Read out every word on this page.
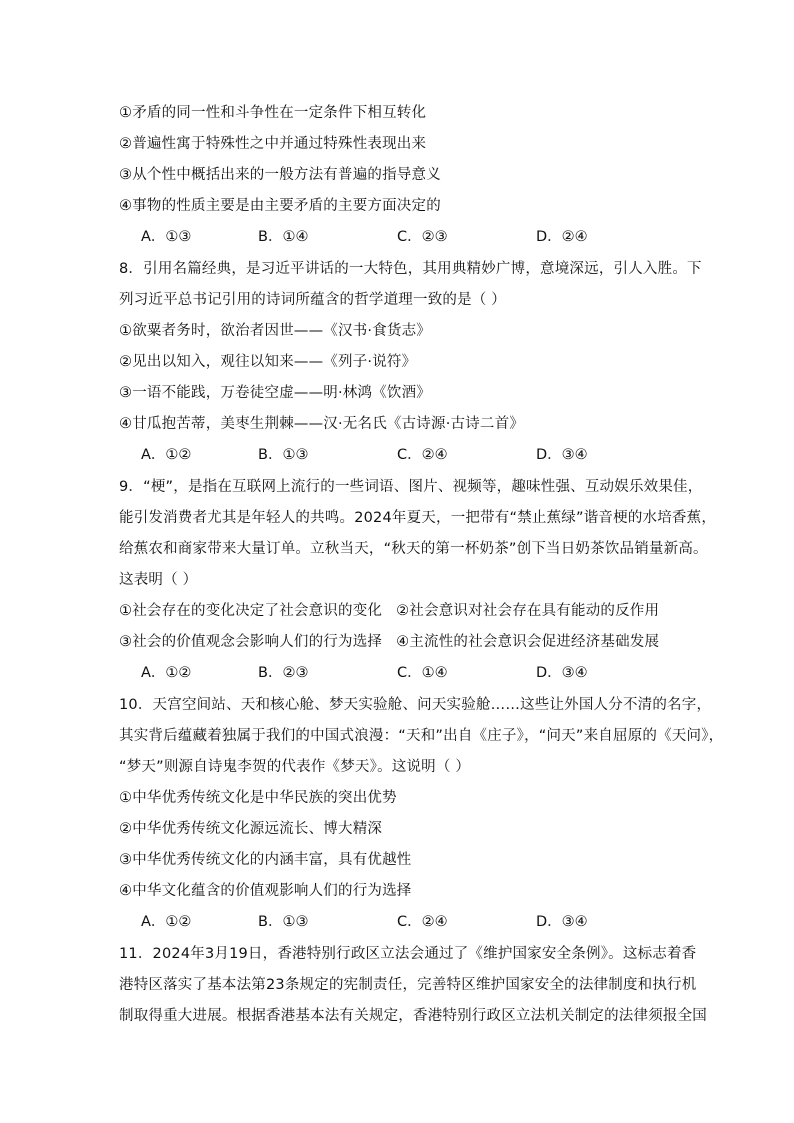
①矛盾的同一性和斗争性在一定条件下相互转化
②普遍性寓于特殊性之中并通过特殊性表现出来
③从个性中概括出来的一般方法有普遍的指导意义
④事物的性质主要是由主要矛盾的主要方面决定的
A．①③	B．①④	C．②③	D．②④
8．引用名篇经典，是习近平讲话的一大特色，其用典精妙广博，意境深远，引人入胜。下
列习近平总书记引用的诗词所蕴含的哲学道理一致的是（ ）
①欲粟者务时，欲治者因世——《汉书·食货志》
②见出以知入，观往以知来——《列子·说符》
③一语不能践，万卷徒空虚——明·林鸿《饮酒》
④甘瓜抱苦蒂，美枣生荆棘——汉·无名氏《古诗源·古诗二首》
A．①②	B．①③	C．②④	D．③④
9．“梗”，是指在互联网上流行的一些词语、图片、视频等，趣味性强、互动娱乐效果佳，
能引发消费者尤其是年轻人的共鸣。2024年夏天，一把带有“禁止蕉绿”谐音梗的水培香蕉，
给蕉农和商家带来大量订单。立秋当天，“秋天的第一杯奶茶”创下当日奶茶饮品销量新高。
这表明（ ）
①社会存在的变化决定了社会意识的变化 ②社会意识对社会存在具有能动的反作用
③社会的价值观念会影响人们的行为选择 ④主流性的社会意识会促进经济基础发展
A．①②	B．②③	C．①④	D．③④
10．天宫空间站、天和核心舱、梦天实验舱、问天实验舱……这些让外国人分不清的名字，
其实背后蕴藏着独属于我们的中国式浪漫：“天和”出自《庄子》，“问天”来自屈原的《天问》，
“梦天”则源自诗鬼李贺的代表作《梦天》。这说明（ ）
①中华优秀传统文化是中华民族的突出优势
②中华优秀传统文化源远流长、博大精深
③中华优秀传统文化的内涵丰富，具有优越性
④中华文化蕴含的价值观影响人们的行为选择
A．①②	B．①③	C．②④	D．③④
11．2024年3月19日，香港特别行政区立法会通过了《维护国家安全条例》。这标志着香
港特区落实了基本法第23条规定的宪制责任，完善特区维护国家安全的法律制度和执行机
制取得重大进展。根据香港基本法有关规定，香港特别行政区立法机关制定的法律须报全国
